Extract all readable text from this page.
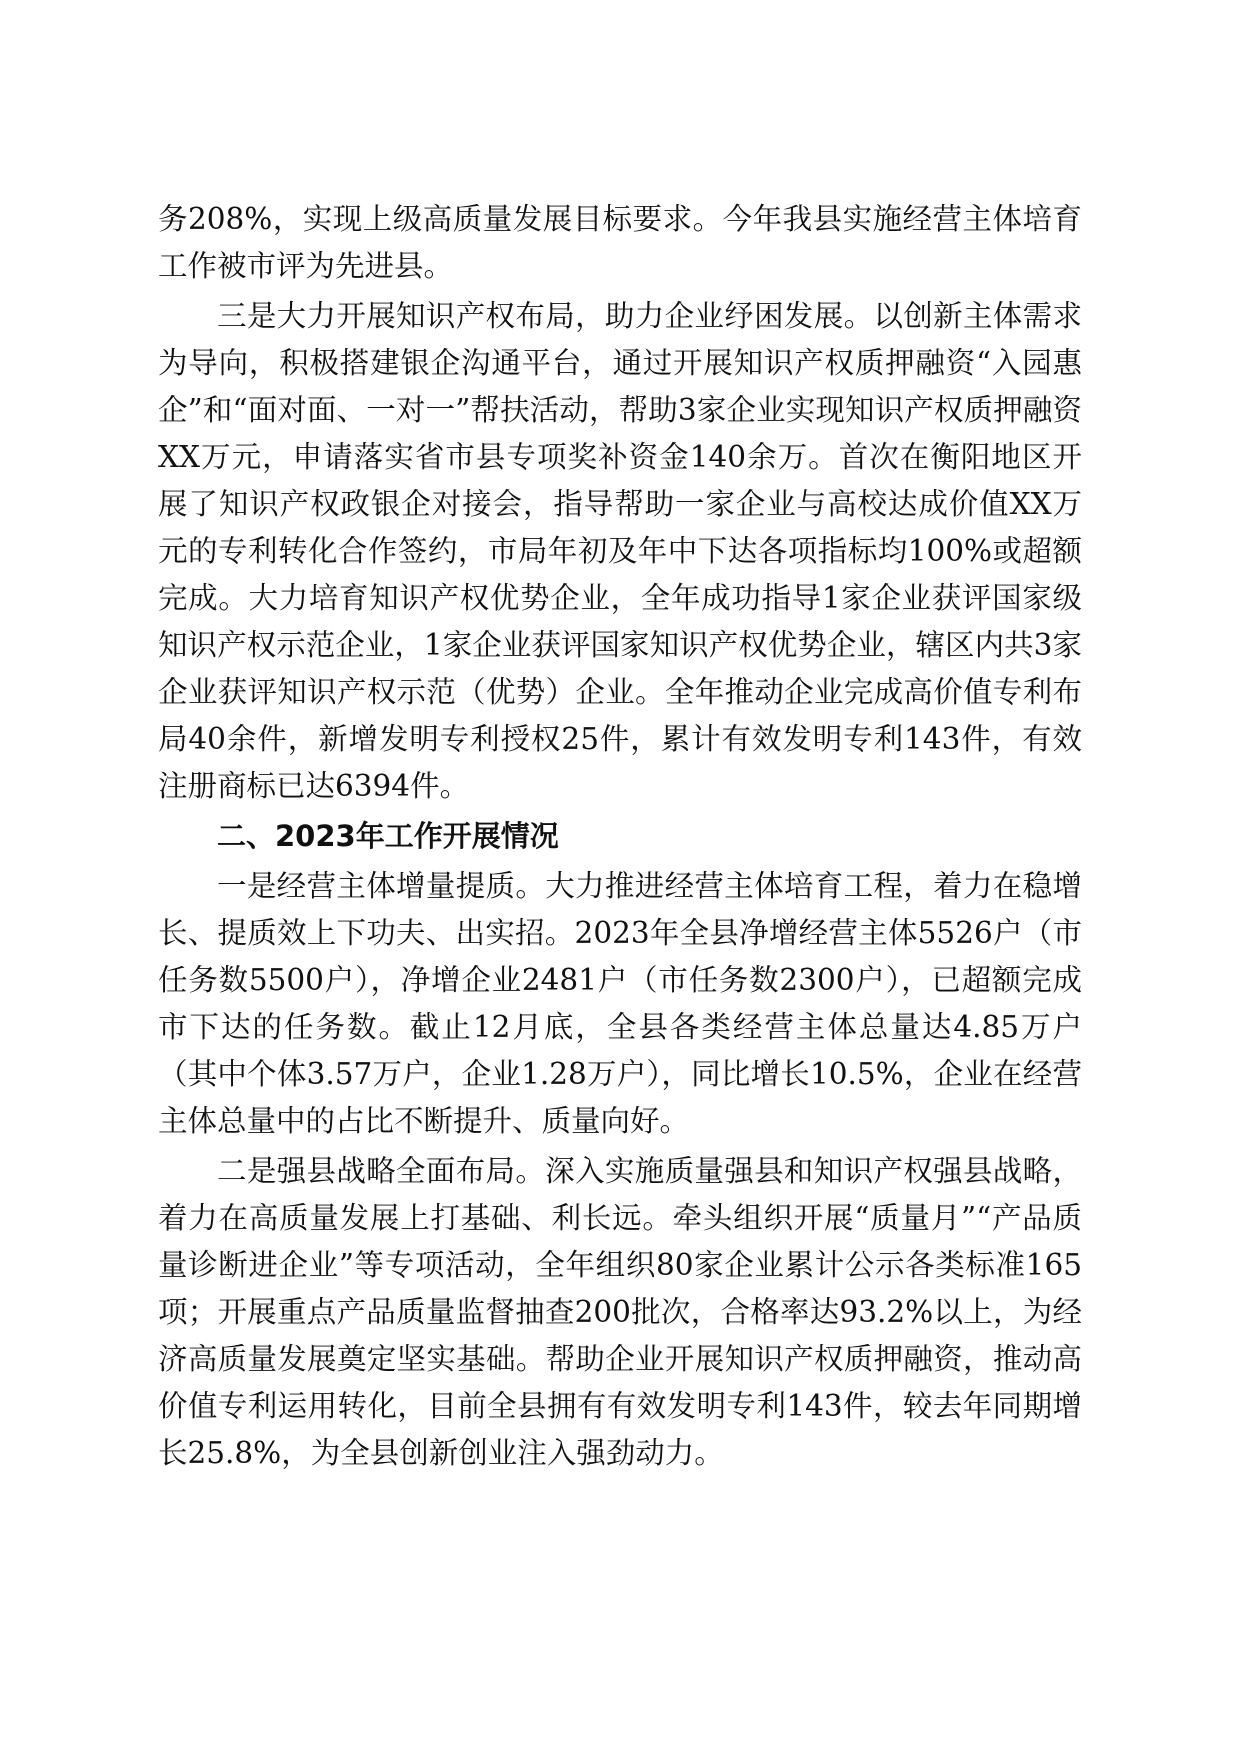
务208%，实现上级高质量发展目标要求。今年我县实施经营主体培育工作被市评为先进县。

三是大力开展知识产权布局，助力企业纾困发展。以创新主体需求为导向，积极搭建银企沟通平台，通过开展知识产权质押融资“入园惠企”和“面对面、一对一”帮扶活动，帮助3家企业实现知识产权质押融资XX万元，申请落实省市县专项奖补资金140余万。首次在衡阳地区开展了知识产权政银企对接会，指导帮助一家企业与高校达成价值XX万元的专利转化合作签约，市局年初及年中下达各项指标均100%或超额完成。大力培育知识产权优势企业，全年成功指导1家企业获评国家级知识产权示范企业，1家企业获评国家知识产权优势企业，辖区内共3家企业获评知识产权示范（优势）企业。全年推动企业完成高价值专利布局40余件，新增发明专利授权25件，累计有效发明专利143件，有效注册商标已达6394件。

二、2023年工作开展情况

一是经营主体增量提质。大力推进经营主体培育工程，着力在稳增长、提质效上下功夫、出实招。2023年全县净增经营主体5526户（市任务数5500户），净增企业2481户（市任务数2300户），已超额完成市下达的任务数。截止12月底，全县各类经营主体总量达4.85万户（其中个体3.57万户，企业1.28万户），同比增长10.5%，企业在经营主体总量中的占比不断提升、质量向好。

二是强县战略全面布局。深入实施质量强县和知识产权强县战略，着力在高质量发展上打基础、利长远。牵头组织开展“质量月”“产品质量诊断进企业”等专项活动，全年组织80家企业累计公示各类标准165项；开展重点产品质量监督抽查200批次，合格率达93.2%以上，为经济高质量发展奠定坚实基础。帮助企业开展知识产权质押融资，推动高价值专利运用转化，目前全县拥有有效发明专利143件，较去年同期增长25.8%，为全县创新创业注入强劲动力。
